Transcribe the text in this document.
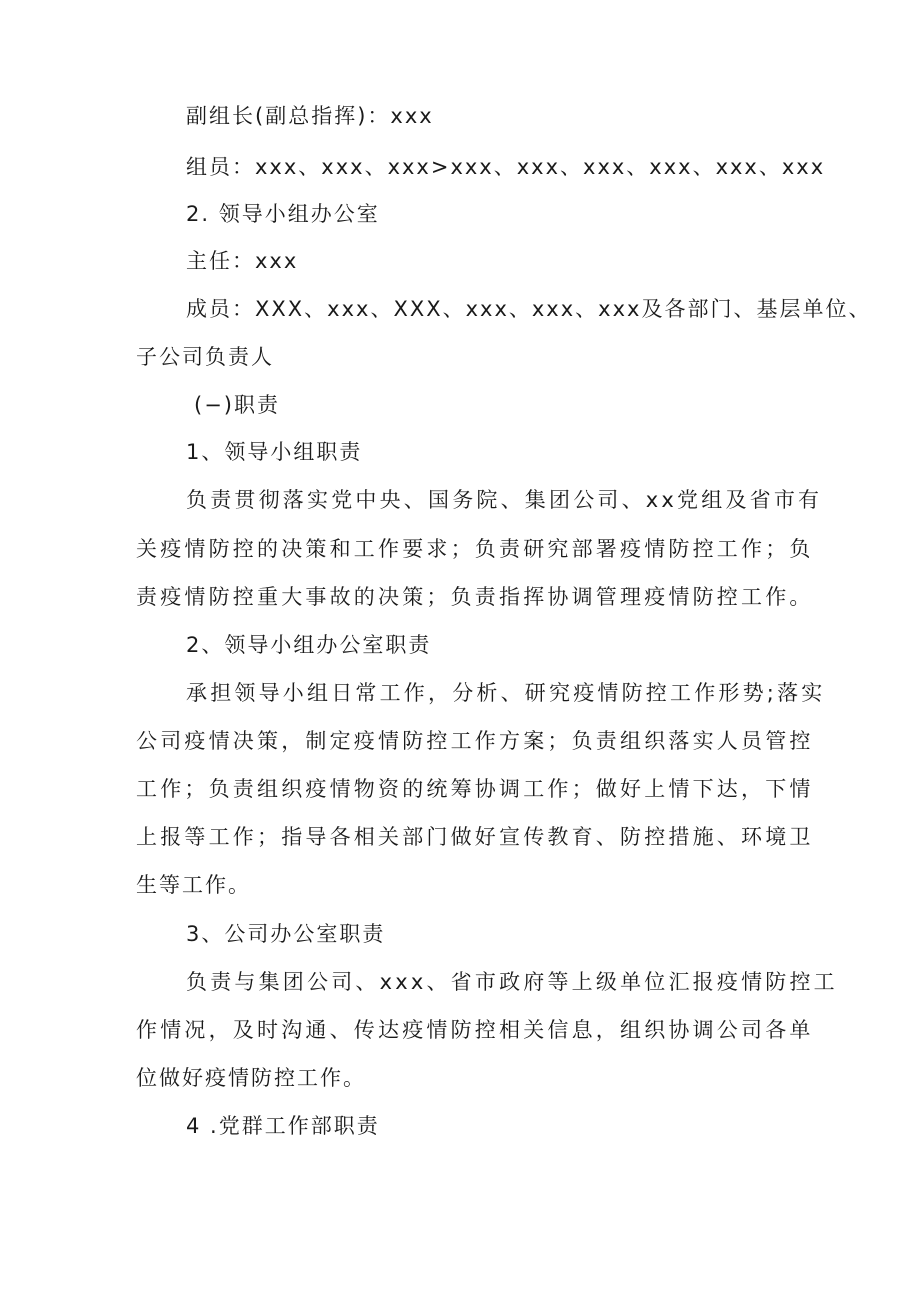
副组长(副总指挥)：xxx
组员：xxx、xxx、xxx>xxx、xxx、xxx、xxx、xxx、xxx
2. 领导小组办公室
主任：xxx
成员：XXX、xxx、XXX、xxx、xxx、xxx及各部门、基层单位、
子公司负责人
(−)职责
1、领导小组职责
负责贯彻落实党中央、国务院、集团公司、xx党组及省市有
关疫情防控的决策和工作要求；负责研究部署疫情防控工作；负
责疫情防控重大事故的决策；负责指挥协调管理疫情防控工作。
2、领导小组办公室职责
承担领导小组日常工作，分析、研究疫情防控工作形势;落实
公司疫情决策，制定疫情防控工作方案；负责组织落实人员管控
工作；负责组织疫情物资的统筹协调工作；做好上情下达，下情
上报等工作；指导各相关部门做好宣传教育、防控措施、环境卫
生等工作。
3、公司办公室职责
负责与集团公司、xxx、省市政府等上级单位汇报疫情防控工
作情况，及时沟通、传达疫情防控相关信息，组织协调公司各单
位做好疫情防控工作。
4 .党群工作部职责
